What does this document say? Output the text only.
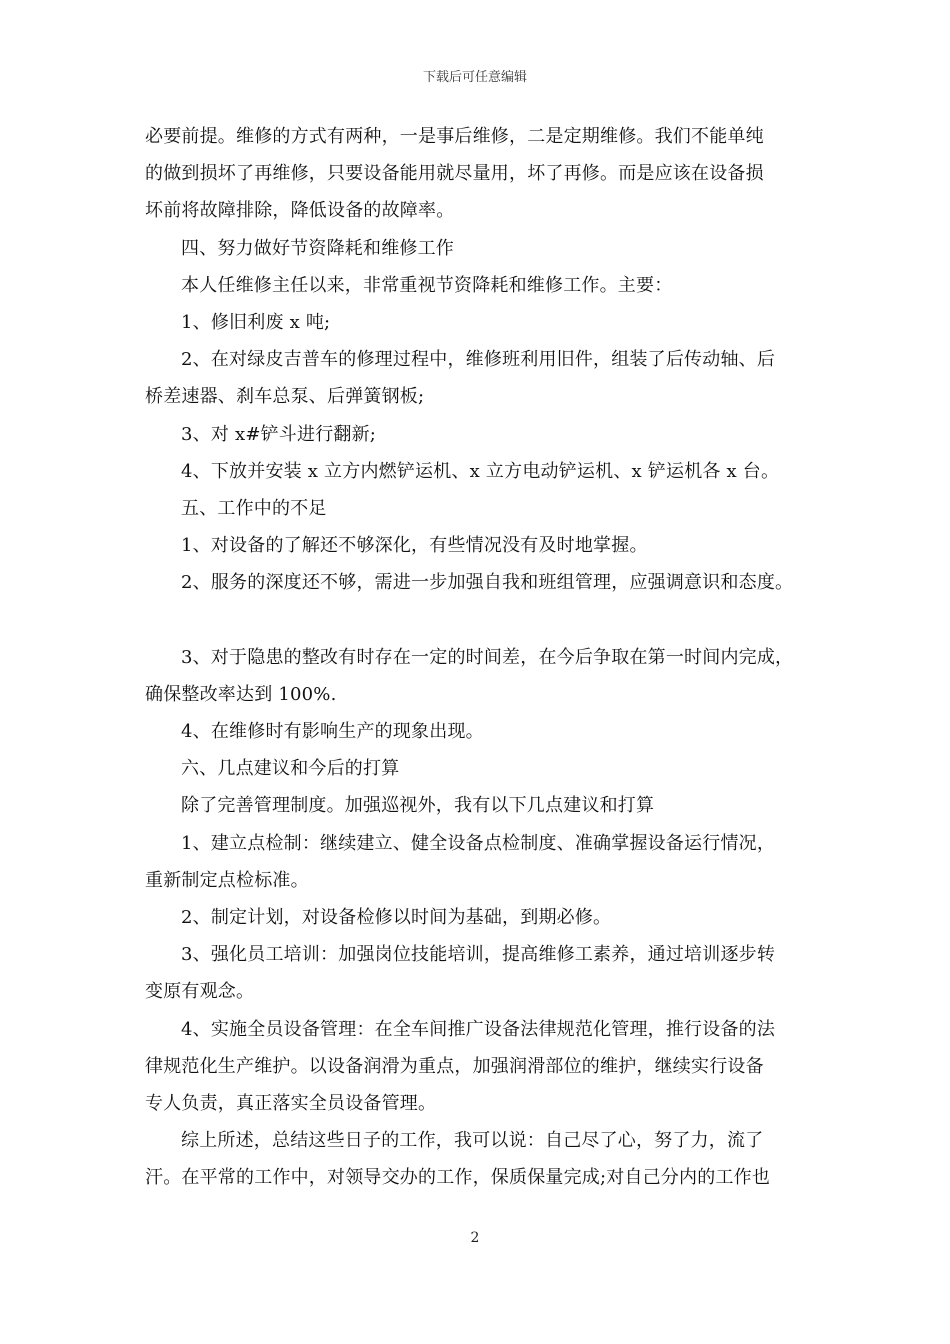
下载后可任意编辑
必要前提。维修的方式有两种，一是事后维修，二是定期维修。我们不能单纯
的做到损坏了再维修，只要设备能用就尽量用，坏了再修。而是应该在设备损
坏前将故障排除，降低设备的故障率。
四、努力做好节资降耗和维修工作
本人任维修主任以来，非常重视节资降耗和维修工作。主要：
1、修旧利废 x 吨;
2、在对绿皮吉普车的修理过程中，维修班利用旧件，组装了后传动轴、后
桥差速器、刹车总泵、后弹簧钢板;
3、对 x#铲斗进行翻新;
4、下放并安装 x 立方内燃铲运机、x 立方电动铲运机、x 铲运机各 x 台。
五、工作中的不足
1、对设备的了解还不够深化，有些情况没有及时地掌握。
2、服务的深度还不够，需进一步加强自我和班组管理，应强调意识和态度。
3、对于隐患的整改有时存在一定的时间差，在今后争取在第一时间内完成，
确保整改率达到 100%.
4、在维修时有影响生产的现象出现。
六、几点建议和今后的打算
除了完善管理制度。加强巡视外，我有以下几点建议和打算
1、建立点检制：继续建立、健全设备点检制度、准确掌握设备运行情况，
重新制定点检标准。
2、制定计划，对设备检修以时间为基础，到期必修。
3、强化员工培训：加强岗位技能培训，提高维修工素养，通过培训逐步转
变原有观念。
4、实施全员设备管理：在全车间推广设备法律规范化管理，推行设备的法
律规范化生产维护。以设备润滑为重点，加强润滑部位的维护，继续实行设备
专人负责，真正落实全员设备管理。
综上所述，总结这些日子的工作，我可以说：自己尽了心，努了力，流了
汗。在平常的工作中，对领导交办的工作，保质保量完成;对自己分内的工作也
2
